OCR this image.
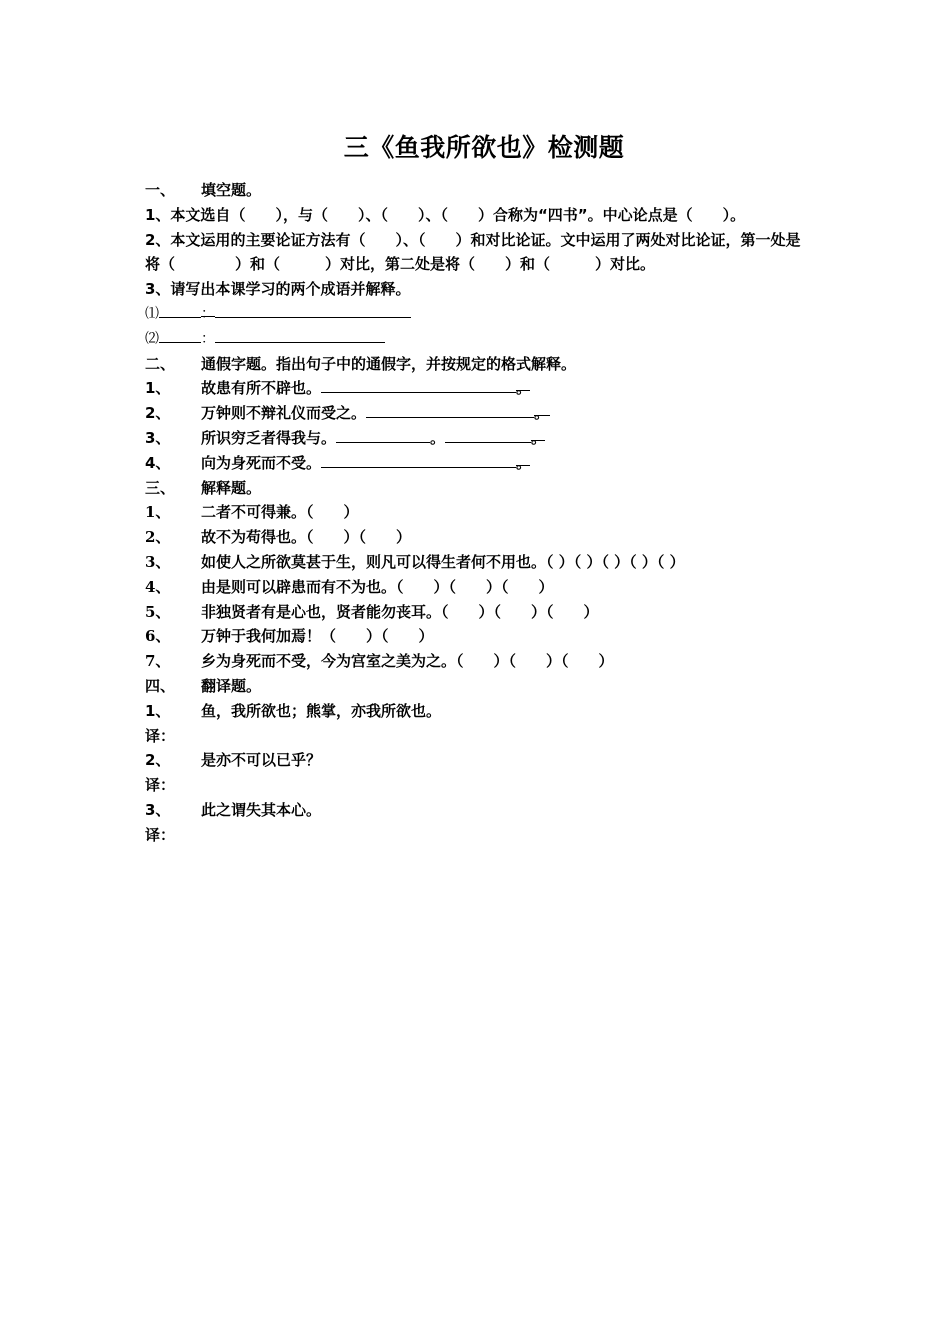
三《鱼我所欲也》检测题
一、 填空题。
1、本文选自（　　），与（　　）、（　　）、（　　）合称为“四书”。中心论点是（　　）。
2、本文运用的主要论证方法有（　　）、（　　）和对比论证。文中运用了两处对比论证，第一处是将（　　　　）和（　　　）对比，第二处是将（　　）和（　　　）对比。
3、请写出本课学习的两个成语并解释。
⑴	：
⑵	：
二、 通假字题。指出句子中的通假字，并按规定的格式解释。
1、 故患有所不辟也。	。
2、 万钟则不辩礼仪而受之。	。
3、 所识穷乏者得我与。	。	。
4、 向为身死而不受。	。
三、 解释题。
1、 二者不可得兼。（　　）
2、 故不为苟得也。（　　）（　　）
3、 如使人之所欲莫甚于生，则凡可以得生者何不用也。（ ）（ ）（ ）（ ）（ ）
4、 由是则可以辟患而有不为也。（　　）（　　）（　　）
5、 非独贤者有是心也，贤者能勿丧耳。（　　）（　　）（　　）
6、 万钟于我何加焉！（　　）（　　）
7、 乡为身死而不受，今为宫室之美为之。（　　）（　　）（　　）
四、 翻译题。
1、 鱼，我所欲也；熊掌，亦我所欲也。
译：
2、 是亦不可以已乎？
译：
3、 此之谓失其本心。
译：
